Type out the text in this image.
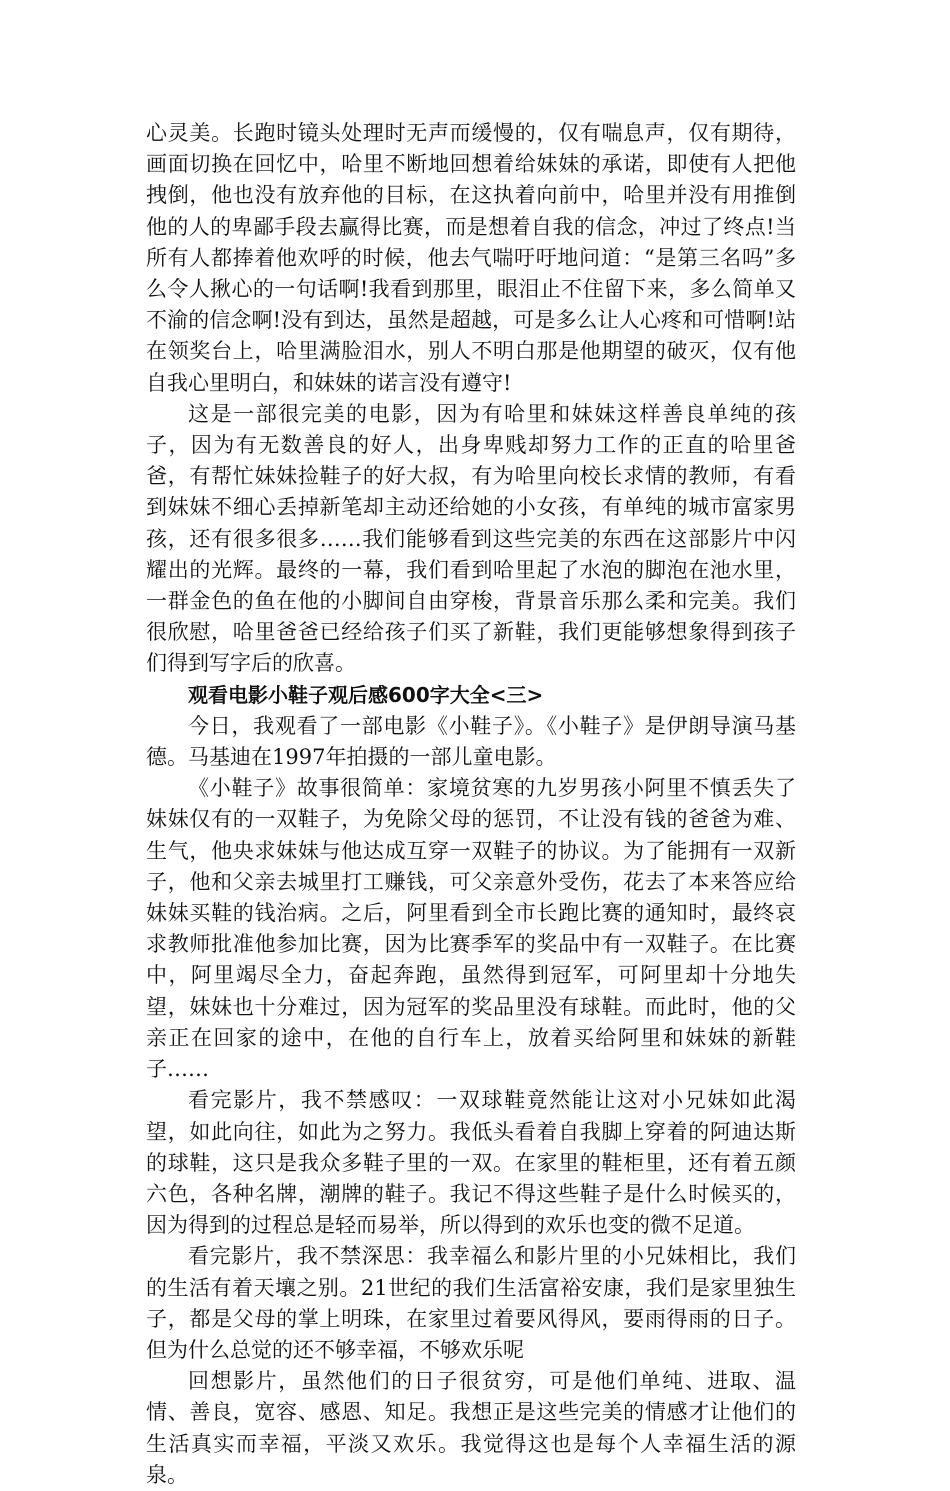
心灵美。长跑时镜头处理时无声而缓慢的，仅有喘息声，仅有期待，画面切换在回忆中，哈里不断地回想着给妹妹的承诺，即使有人把他拽倒，他也没有放弃他的目标，在这执着向前中，哈里并没有用推倒他的人的卑鄙手段去赢得比赛，而是想着自我的信念，冲过了终点!当所有人都捧着他欢呼的时候，他去气喘吁吁地问道：“是第三名吗”多么令人揪心的一句话啊!我看到那里，眼泪止不住留下来，多么简单又不渝的信念啊!没有到达，虽然是超越，可是多么让人心疼和可惜啊!站在领奖台上，哈里满脸泪水，别人不明白那是他期望的破灭，仅有他自我心里明白，和妹妹的诺言没有遵守!

这是一部很完美的电影，因为有哈里和妹妹这样善良单纯的孩子，因为有无数善良的好人，出身卑贱却努力工作的正直的哈里爸爸，有帮忙妹妹捡鞋子的好大叔，有为哈里向校长求情的教师，有看到妹妹不细心丢掉新笔却主动还给她的小女孩，有单纯的城市富家男孩，还有很多很多……我们能够看到这些完美的东西在这部影片中闪耀出的光辉。最终的一幕，我们看到哈里起了水泡的脚泡在池水里，一群金色的鱼在他的小脚间自由穿梭，背景音乐那么柔和完美。我们很欣慰，哈里爸爸已经给孩子们买了新鞋，我们更能够想象得到孩子们得到写字后的欣喜。

观看电影小鞋子观后感600字大全<三>

今日，我观看了一部电影《小鞋子》。《小鞋子》是伊朗导演马基德。马基迪在1997年拍摄的一部儿童电影。

《小鞋子》故事很简单：家境贫寒的九岁男孩小阿里不慎丢失了妹妹仅有的一双鞋子，为免除父母的惩罚，不让没有钱的爸爸为难、生气，他央求妹妹与他达成互穿一双鞋子的协议。为了能拥有一双新子，他和父亲去城里打工赚钱，可父亲意外受伤，花去了本来答应给妹妹买鞋的钱治病。之后，阿里看到全市长跑比赛的通知时，最终哀求教师批准他参加比赛，因为比赛季军的奖品中有一双鞋子。在比赛中，阿里竭尽全力，奋起奔跑，虽然得到冠军，可阿里却十分地失望，妹妹也十分难过，因为冠军的奖品里没有球鞋。而此时，他的父亲正在回家的途中，在他的自行车上，放着买给阿里和妹妹的新鞋子……

看完影片，我不禁感叹：一双球鞋竟然能让这对小兄妹如此渴望，如此向往，如此为之努力。我低头看着自我脚上穿着的阿迪达斯的球鞋，这只是我众多鞋子里的一双。在家里的鞋柜里，还有着五颜六色，各种名牌，潮牌的鞋子。我记不得这些鞋子是什么时候买的，因为得到的过程总是轻而易举，所以得到的欢乐也变的微不足道。

看完影片，我不禁深思：我幸福么和影片里的小兄妹相比，我们的生活有着天壤之别。21世纪的我们生活富裕安康，我们是家里独生子，都是父母的掌上明珠，在家里过着要风得风，要雨得雨的日子。但为什么总觉的还不够幸福，不够欢乐呢

回想影片，虽然他们的日子很贫穷，可是他们单纯、进取、温情、善良，宽容、感恩、知足。我想正是这些完美的情感才让他们的生活真实而幸福，平淡又欢乐。我觉得这也是每个人幸福生活的源泉。
